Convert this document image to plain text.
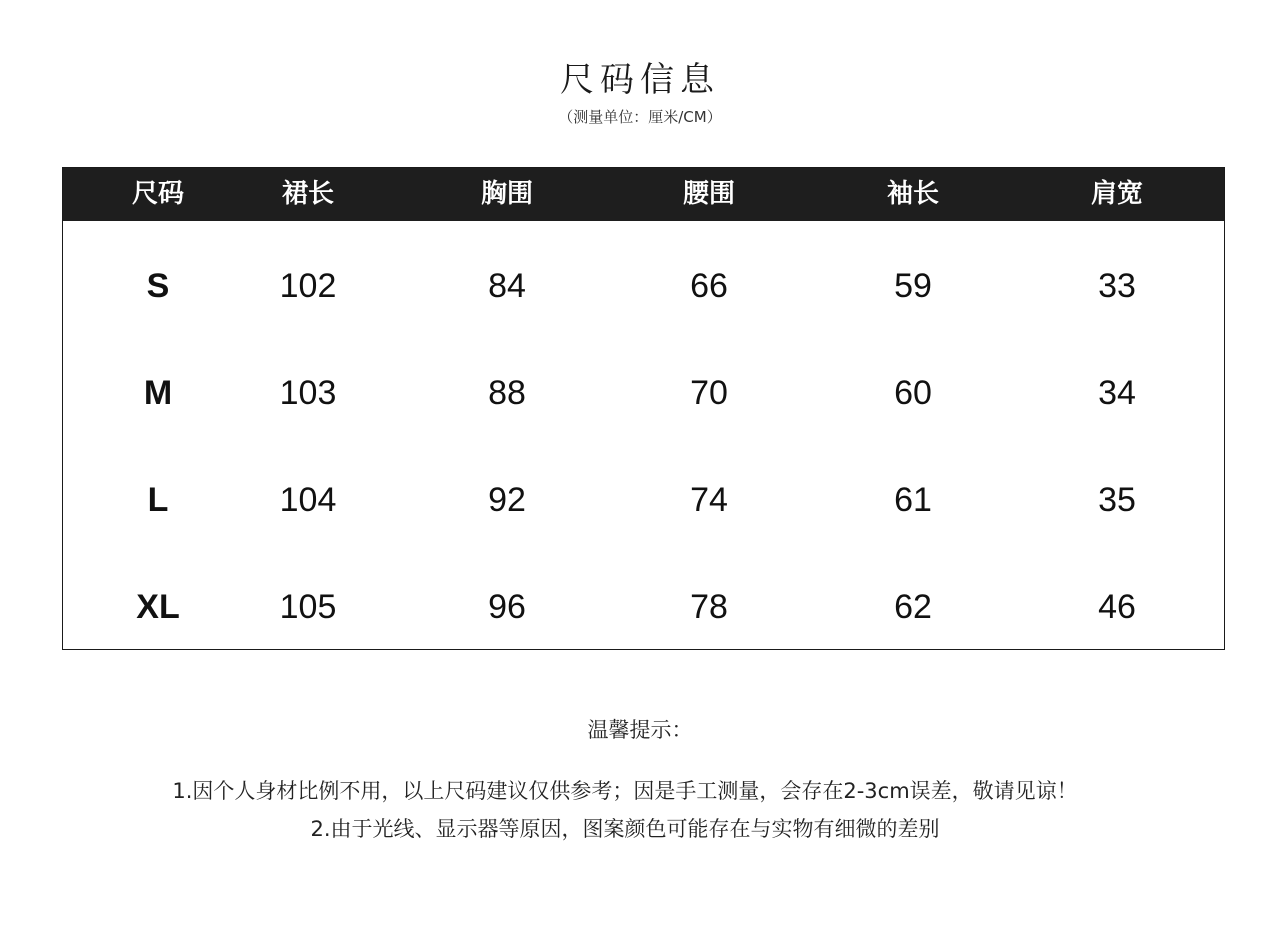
尺码信息
（测量单位：厘米/CM）
尺码	裙长	胸围	腰围	袖长	肩宽
S	102	84	66	59	33
M	103	88	70	60	34
L	104	92	74	61	35
XL	105	96	78	62	46
温馨提示：
1.因个人身材比例不用，以上尺码建议仅供参考；因是手工测量，会存在2-3cm误差，敬请见谅！
2.由于光线、显示器等原因，图案颜色可能存在与实物有细微的差别
